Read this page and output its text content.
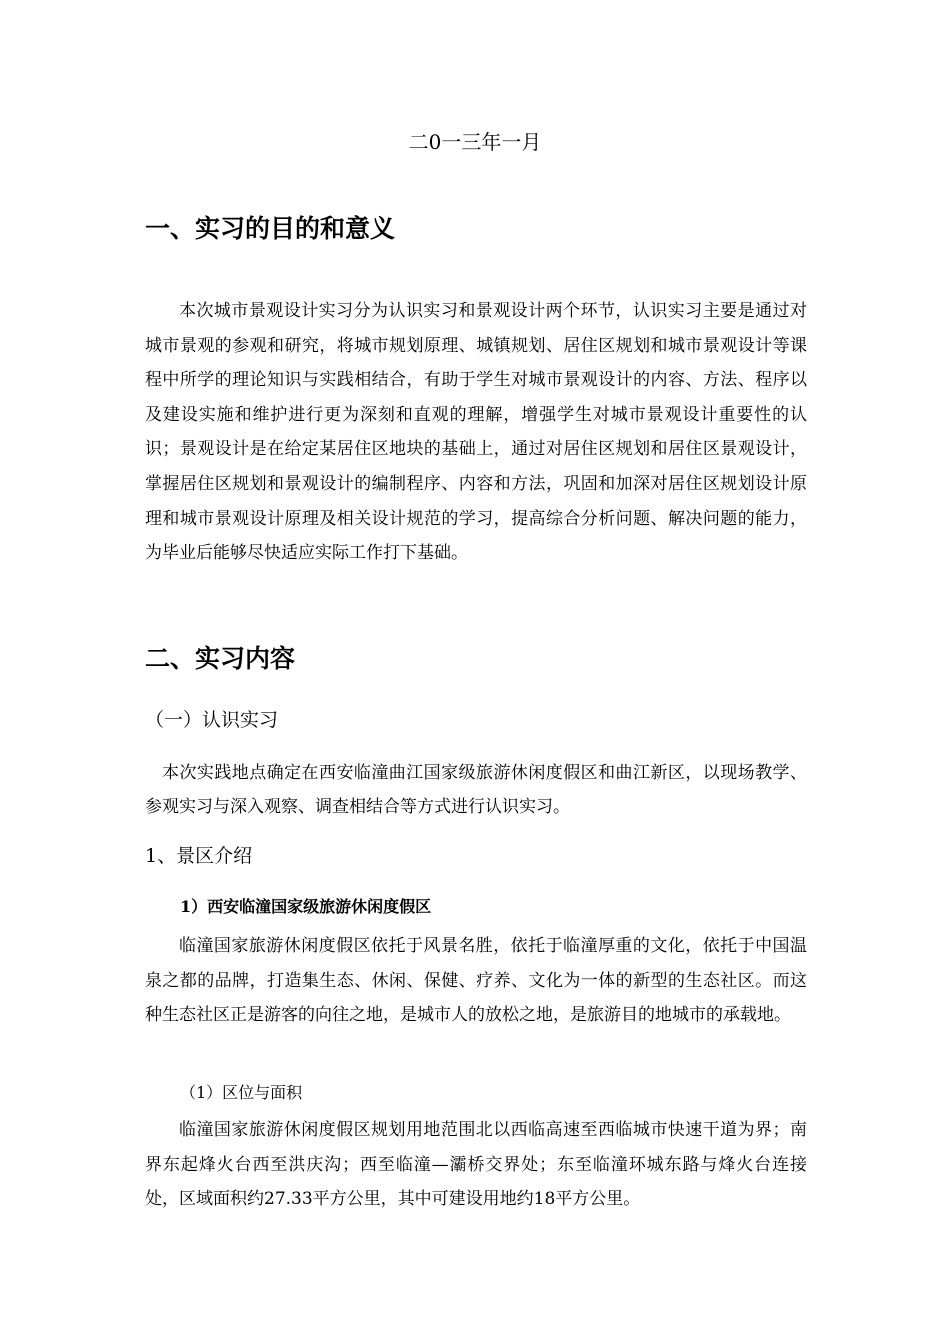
二0一三年一月

一、实习的目的和意义

本次城市景观设计实习分为认识实习和景观设计两个环节，认识实习主要是通过对城市景观的参观和研究，将城市规划原理、城镇规划、居住区规划和城市景观设计等课程中所学的理论知识与实践相结合，有助于学生对城市景观设计的内容、方法、程序以及建设实施和维护进行更为深刻和直观的理解，增强学生对城市景观设计重要性的认识；景观设计是在给定某居住区地块的基础上，通过对居住区规划和居住区景观设计，掌握居住区规划和景观设计的编制程序、内容和方法，巩固和加深对居住区规划设计原理和城市景观设计原理及相关设计规范的学习，提高综合分析问题、解决问题的能力，为毕业后能够尽快适应实际工作打下基础。

二、实习内容

（一）认识实习

本次实践地点确定在西安临潼曲江国家级旅游休闲度假区和曲江新区，以现场教学、参观实习与深入观察、调查相结合等方式进行认识实习。

1、景区介绍

1）西安临潼国家级旅游休闲度假区

临潼国家旅游休闲度假区依托于风景名胜，依托于临潼厚重的文化，依托于中国温泉之都的品牌，打造集生态、休闲、保健、疗养、文化为一体的新型的生态社区。而这种生态社区正是游客的向往之地，是城市人的放松之地，是旅游目的地城市的承载地。

（1）区位与面积

临潼国家旅游休闲度假区规划用地范围北以西临高速至西临城市快速干道为界；南界东起烽火台西至洪庆沟；西至临潼—灞桥交界处；东至临潼环城东路与烽火台连接处，区域面积约27.33平方公里，其中可建设用地约18平方公里。
